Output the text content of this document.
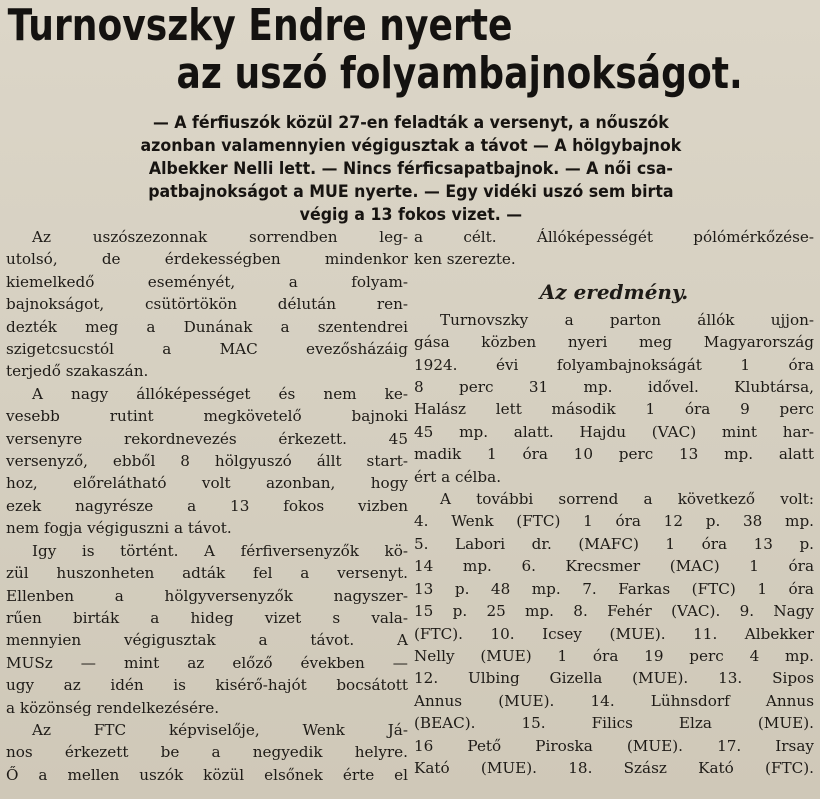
Turnovszky Endre nyerte
az uszó folyambajnokságot.
— A férfiuszók közül 27-en feladták a versenyt, a nőuszók
azonban valamennyien végigusztak a távot — A hölgybajnok
Albekker Nelli lett. — Nincs férficsapatbajnok. — A női csa-
patbajnokságot a MUE nyerte. — Egy vidéki uszó sem birta
végig a 13 fokos vizet. —
Az uszószezonnak sorrendben leg-
utolsó, de érdekességben mindenkor
kiemelkedő eseményét, a folyam-
bajnokságot, csütörtökön délután ren-
dezték meg a Dunának a szentendrei
szigetcsucstól a MAC evezősházáig
terjedő szakaszán.
A nagy állóképességet és nem ke-
vesebb rutint megkövetelő bajnoki
versenyre rekordnevezés érkezett. 45
versenyző, ebből 8 hölgyuszó állt start-
hoz, előrelátható volt azonban, hogy
ezek nagyrésze a 13 fokos vizben
nem fogja végiguszni a távot.
Igy is történt. A férfiversenyzők kö-
zül huszonheten adták fel a versenyt.
Ellenben a hölgyversenyzők nagyszer-
rűen birták a hideg vizet s vala-
mennyien végigusztak a távot. A
MUSz — mint az előző években —
ugy az idén is kisérő-hajót bocsátott
a közönség rendelkezésére.
Az FTC képviselője, Wenk Já-
nos érkezett be a negyedik helyre.
Ő a mellen uszók közül elsőnek érte el
a célt. Állóképességét pólómérkőzése-
ken szerezte.
Az eredmény.
Turnovszky a parton állók ujjon-
gása közben nyeri meg Magyarország
1924. évi folyambajnokságát 1 óra
8 perc 31 mp. idővel. Klubtársa,
Halász lett második 1 óra 9 perc
45 mp. alatt. Hajdu (VAC) mint har-
madik 1 óra 10 perc 13 mp. alatt
ért a célba.
A további sorrend a következő volt:
4. Wenk (FTC) 1 óra 12 p. 38 mp.
5. Labori dr. (MAFC) 1 óra 13 p.
14 mp. 6. Krecsmer (MAC) 1 óra
13 p. 48 mp. 7. Farkas (FTC) 1 óra
15 p. 25 mp. 8. Fehér (VAC). 9. Nagy
(FTC). 10. Icsey (MUE). 11. Albekker
Nelly (MUE) 1 óra 19 perc 4 mp.
12. Ulbing Gizella (MUE). 13. Sipos
Annus (MUE). 14. Lühnsdorf Annus
(BEAC). 15. Filics Elza (MUE).
16 Pető Piroska (MUE). 17. Irsay
Kató (MUE). 18. Szász Kató (FTC).
